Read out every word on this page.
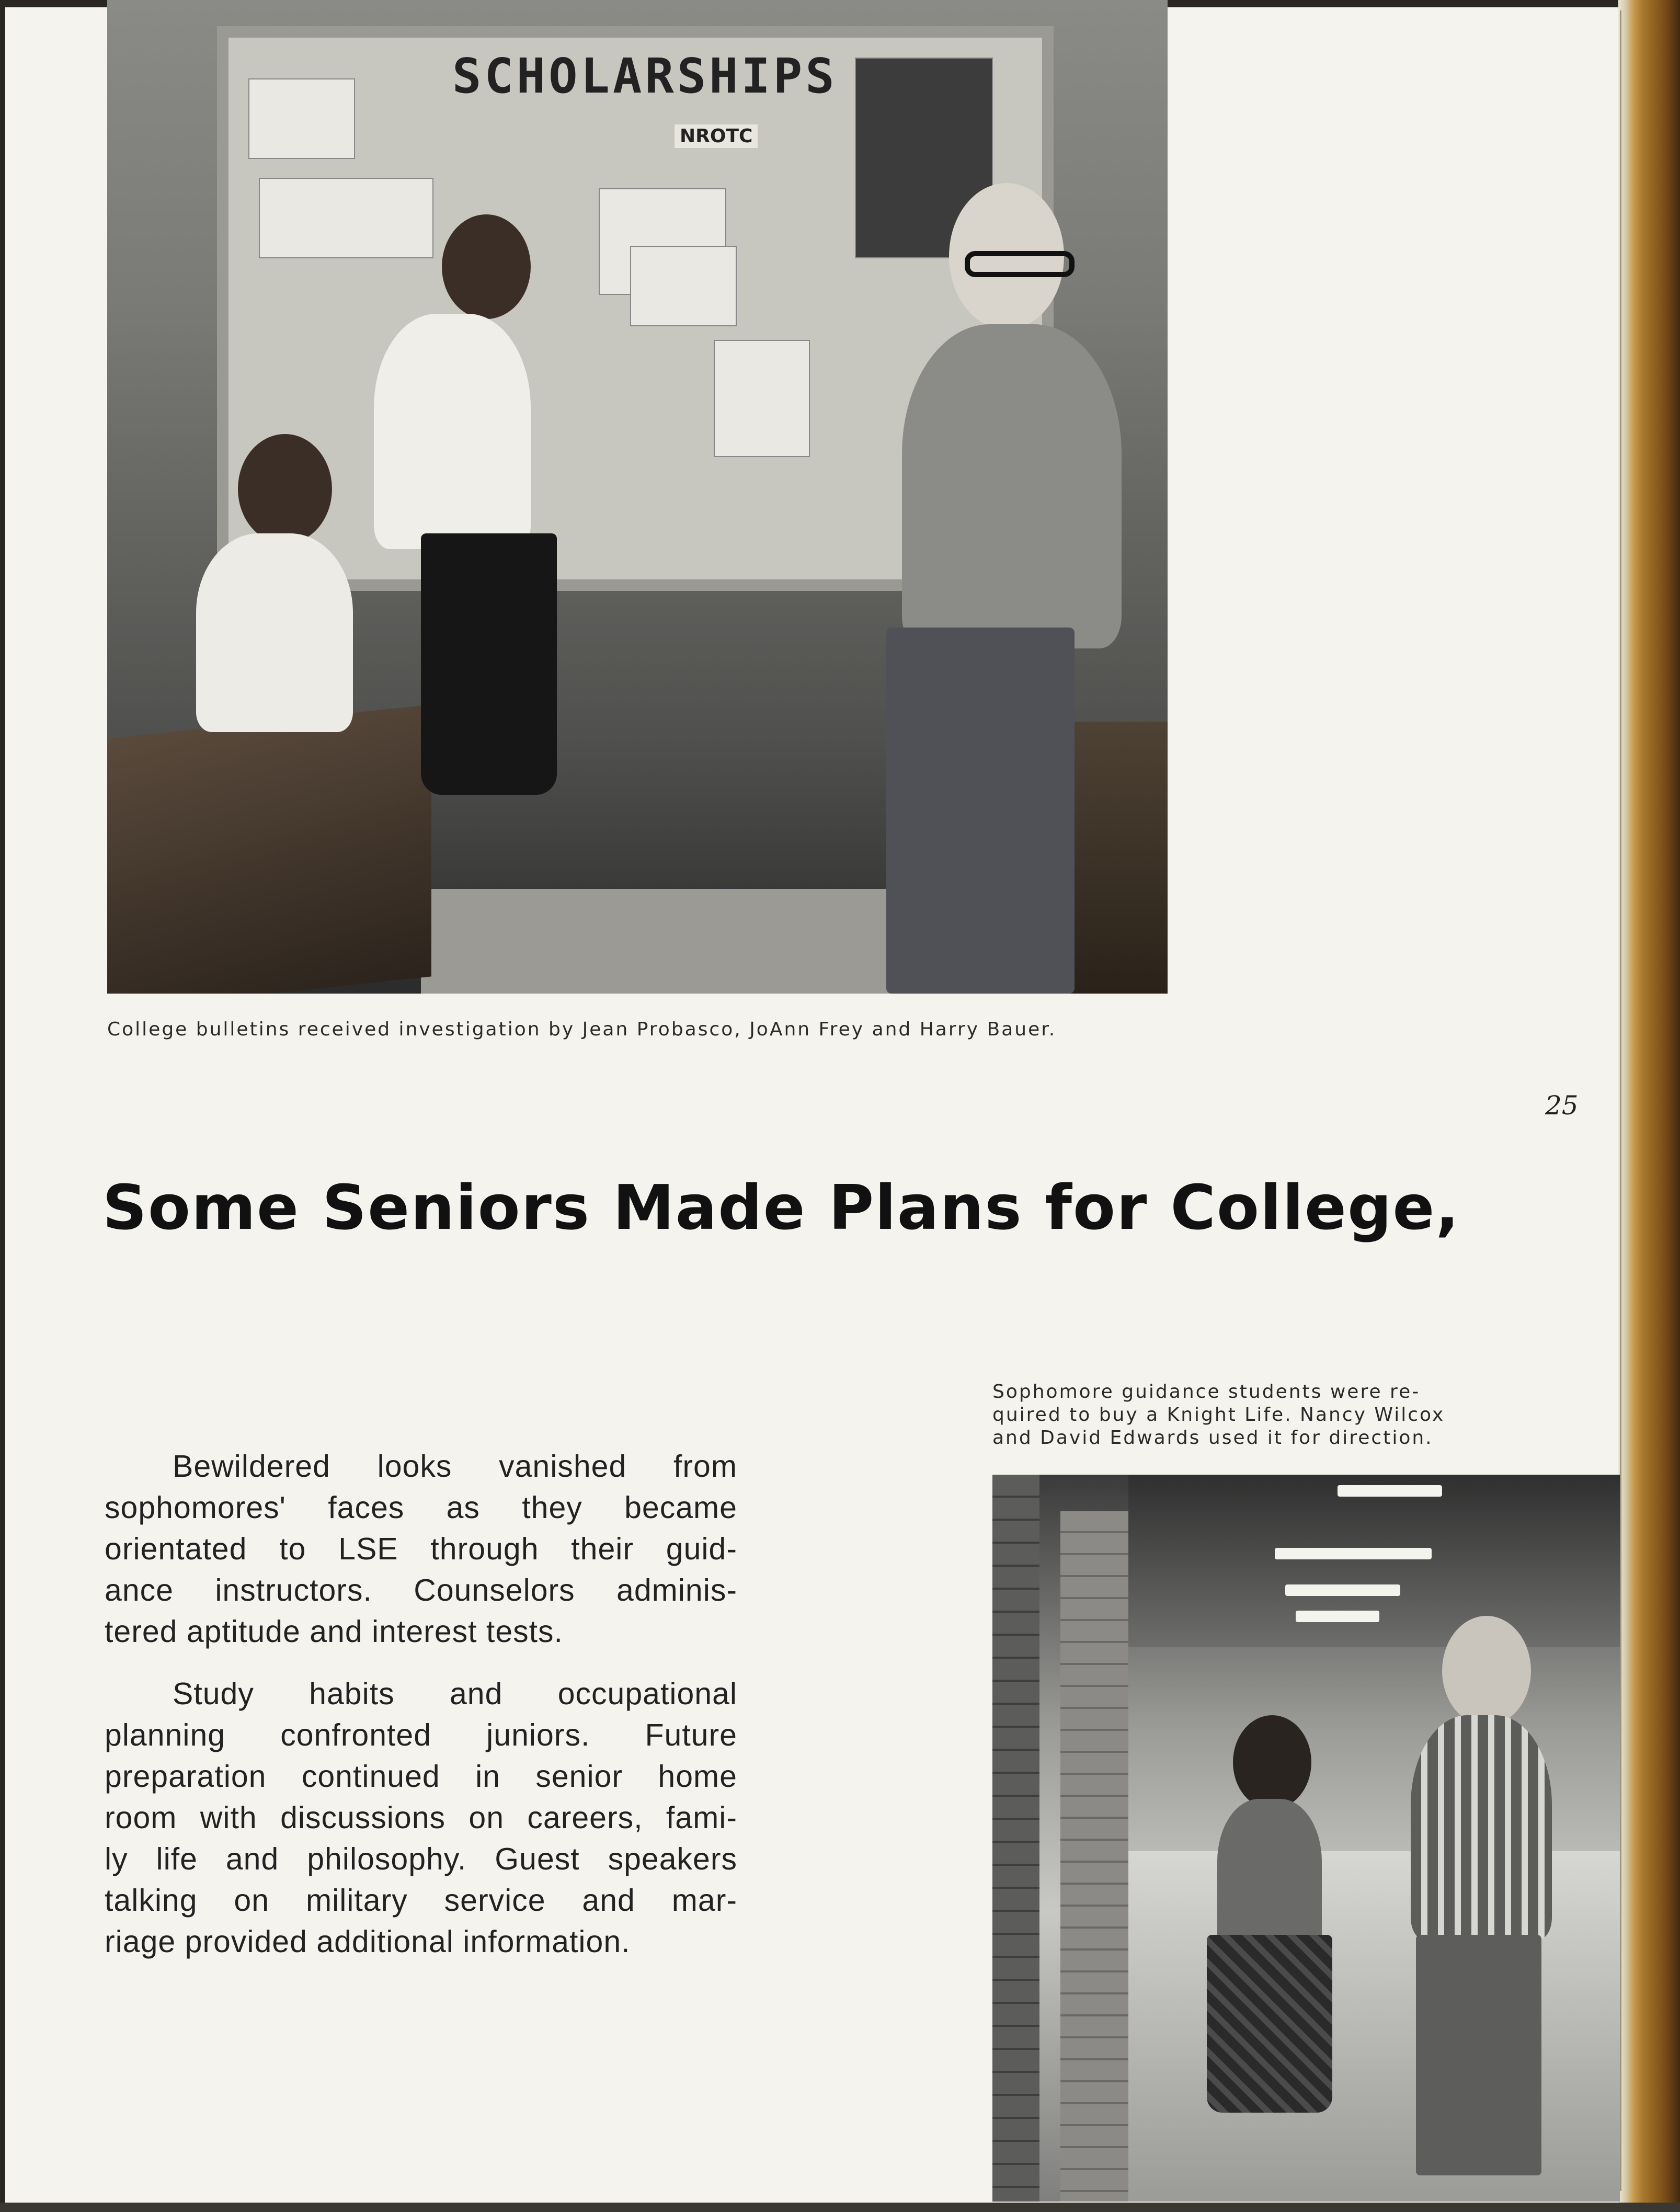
SCHOLARSHIPS
NROTC
College bulletins received investigation by Jean Probasco, JoAnn Frey and Harry Bauer.
25
Some Seniors Made Plans for College,
Sophomore guidance students were re-
quired to buy a Knight Life. Nancy Wilcox
and David Edwards used it for direction.
Bewildered looks vanished from
sophomores' faces as they became
orientated to LSE through their guid-
ance instructors. Counselors adminis-
tered aptitude and interest tests.
Study habits and occupational
planning confronted juniors. Future
preparation continued in senior home
room with discussions on careers, fami-
ly life and philosophy. Guest speakers
talking on military service and mar-
riage provided additional information.
